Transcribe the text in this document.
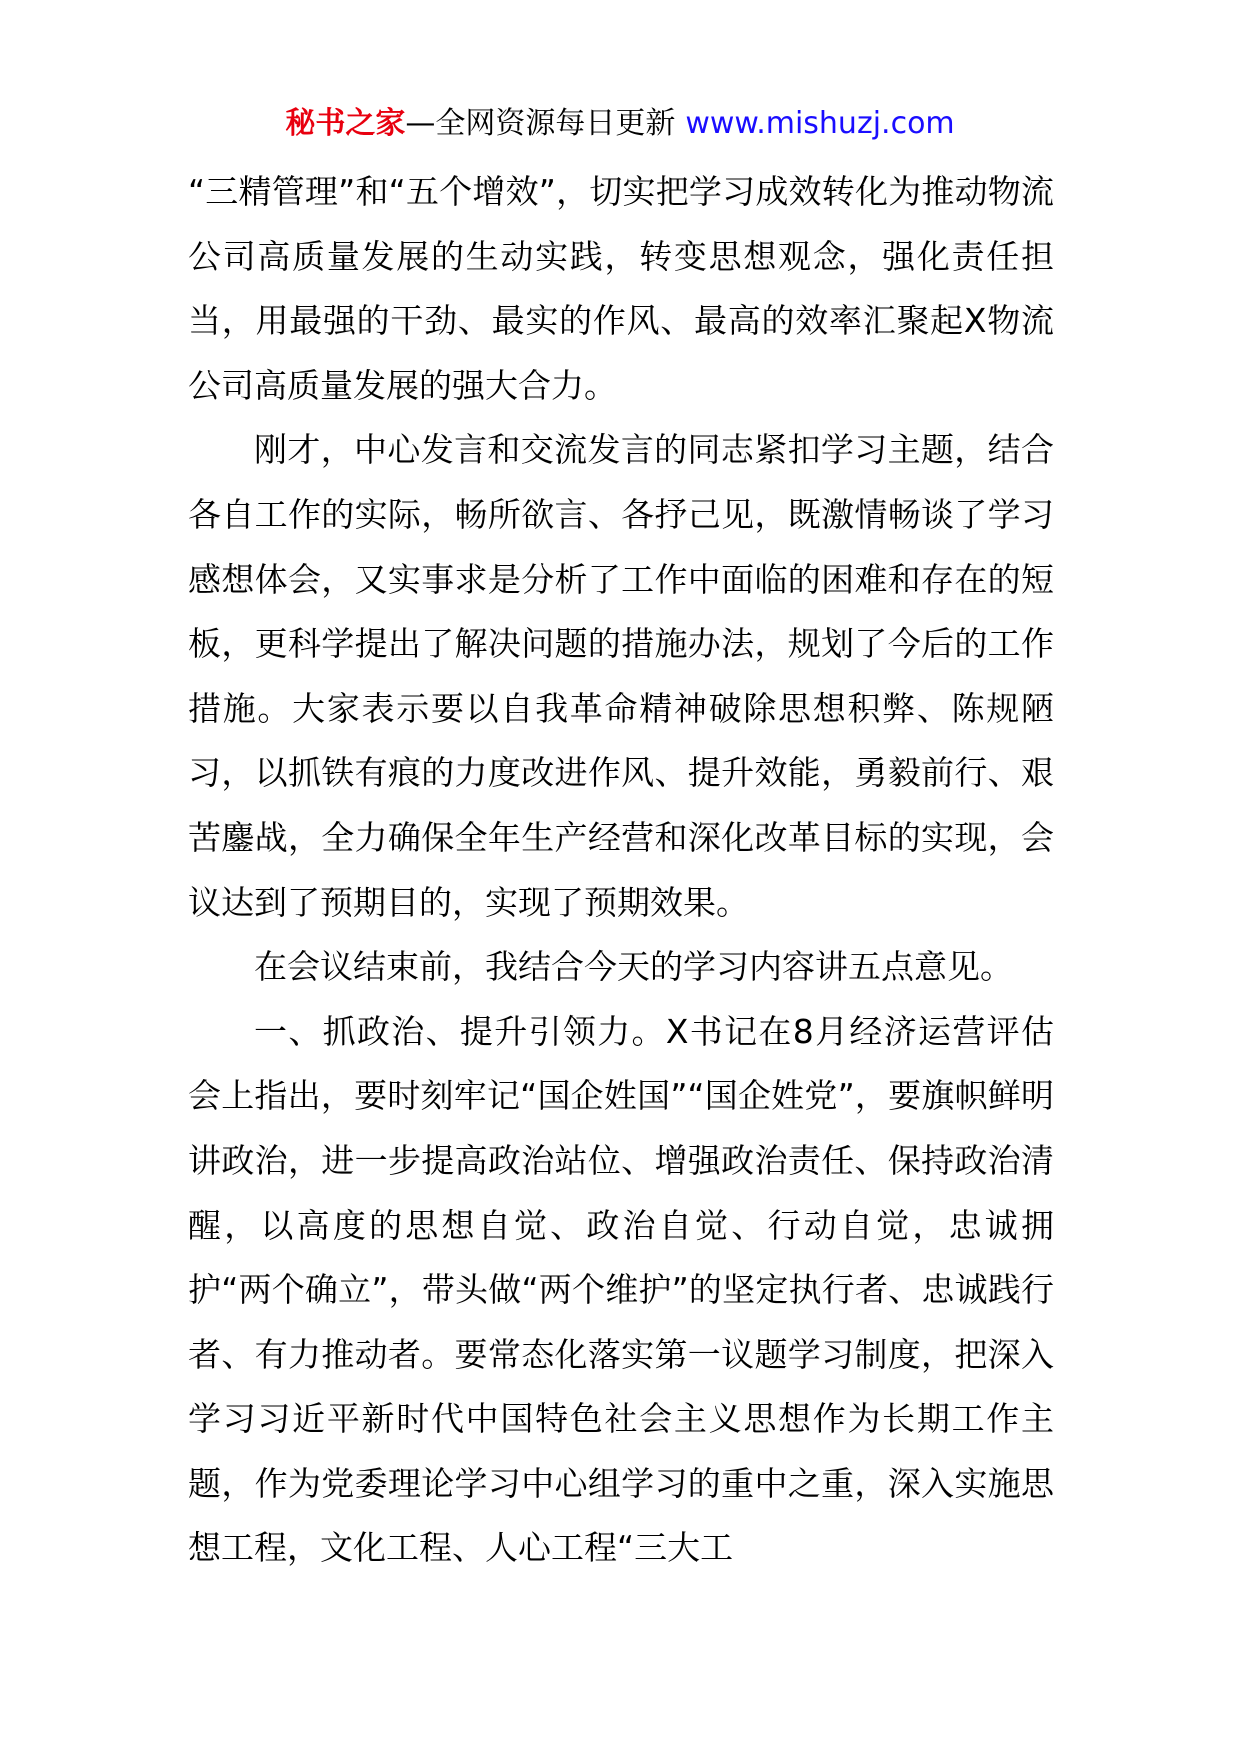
秘书之家—全网资源每日更新 www.mishuzj.com

“三精管理”和“五个增效”，切实把学习成效转化为推动物流公司高质量发展的生动实践，转变思想观念，强化责任担当，用最强的干劲、最实的作风、最高的效率汇聚起X物流公司高质量发展的强大合力。

刚才，中心发言和交流发言的同志紧扣学习主题，结合各自工作的实际，畅所欲言、各抒己见，既激情畅谈了学习感想体会，又实事求是分析了工作中面临的困难和存在的短板，更科学提出了解决问题的措施办法，规划了今后的工作措施。大家表示要以自我革命精神破除思想积弊、陈规陋习，以抓铁有痕的力度改进作风、提升效能，勇毅前行、艰苦鏖战，全力确保全年生产经营和深化改革目标的实现，会议达到了预期目的，实现了预期效果。

在会议结束前，我结合今天的学习内容讲五点意见。

一、抓政治、提升引领力。X书记在8月经济运营评估会上指出，要时刻牢记“国企姓国”“国企姓党”，要旗帜鲜明讲政治，进一步提高政治站位、增强政治责任、保持政治清醒，以高度的思想自觉、政治自觉、行动自觉，忠诚拥护“两个确立”，带头做“两个维护”的坚定执行者、忠诚践行者、有力推动者。要常态化落实第一议题学习制度，把深入学习习近平新时代中国特色社会主义思想作为长期工作主题，作为党委理论学习中心组学习的重中之重，深入实施思想工程，文化工程、人心工程“三大工
